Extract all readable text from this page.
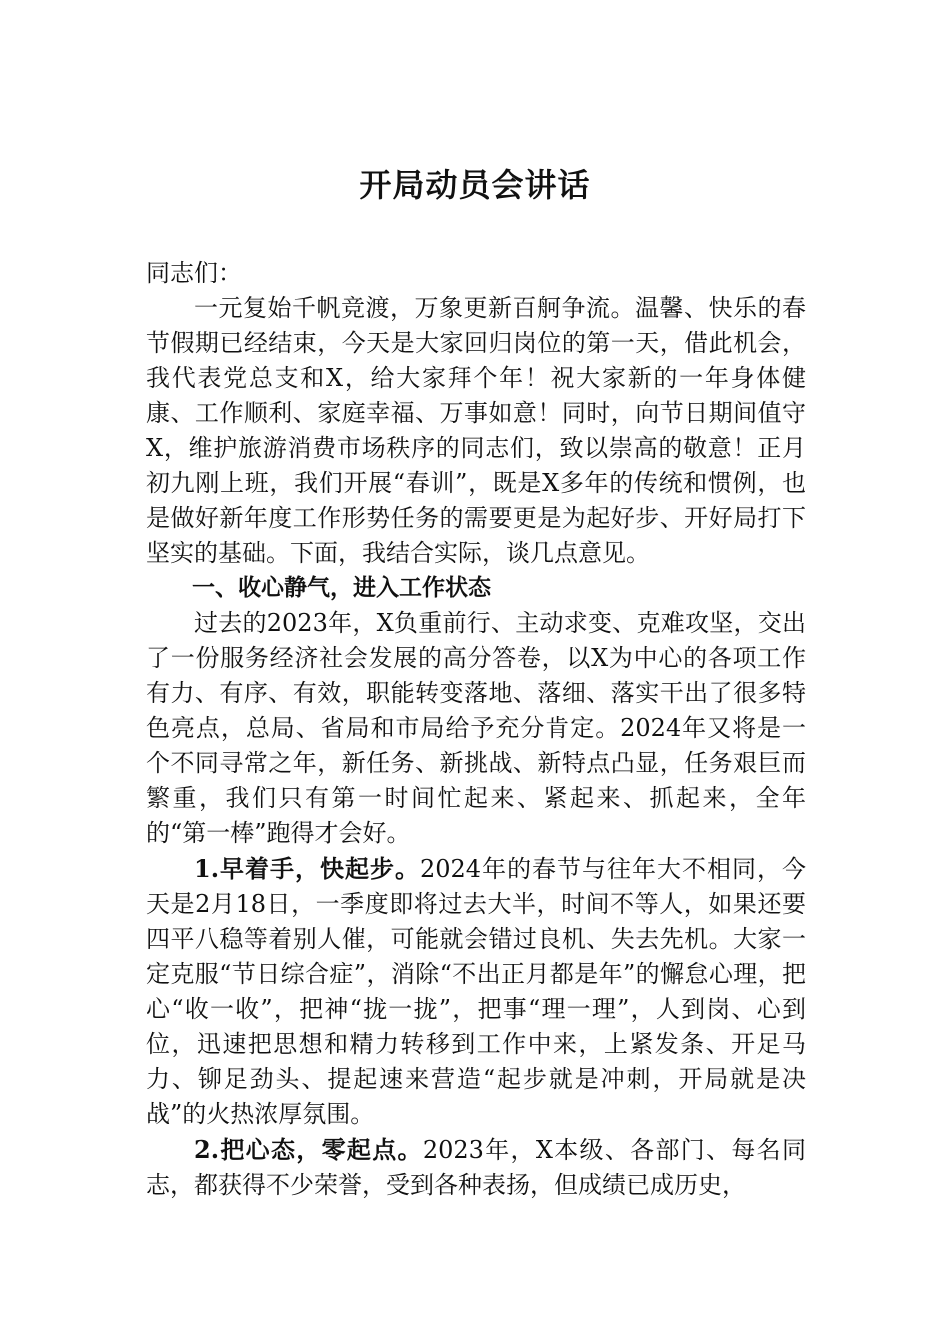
开局动员会讲话

同志们：

一元复始千帆竞渡，万象更新百舸争流。温馨、快乐的春节假期已经结束，今天是大家回归岗位的第一天，借此机会，我代表党总支和X，给大家拜个年！祝大家新的一年身体健康、工作顺利、家庭幸福、万事如意！同时，向节日期间值守X，维护旅游消费市场秩序的同志们，致以崇高的敬意！正月初九刚上班，我们开展“春训”，既是X多年的传统和惯例，也是做好新年度工作形势任务的需要更是为起好步、开好局打下坚实的基础。下面，我结合实际，谈几点意见。

一、收心静气，进入工作状态

过去的2023年，X负重前行、主动求变、克难攻坚，交出了一份服务经济社会发展的高分答卷，以X为中心的各项工作有力、有序、有效，职能转变落地、落细、落实干出了很多特色亮点，总局、省局和市局给予充分肯定。2024年又将是一个不同寻常之年，新任务、新挑战、新特点凸显，任务艰巨而繁重，我们只有第一时间忙起来、紧起来、抓起来，全年的“第一棒”跑得才会好。

1.早着手，快起步。2024年的春节与往年大不相同，今天是2月18日，一季度即将过去大半，时间不等人，如果还要四平八稳等着别人催，可能就会错过良机、失去先机。大家一定克服“节日综合症”，消除“不出正月都是年”的懈怠心理，把心“收一收”，把神“拢一拢”，把事“理一理”，人到岗、心到位，迅速把思想和精力转移到工作中来，上紧发条、开足马力、铆足劲头、提起速来营造“起步就是冲刺，开局就是决战”的火热浓厚氛围。

2.把心态，零起点。2023年，X本级、各部门、每名同志，都获得不少荣誉，受到各种表扬，但成绩已成历史，
